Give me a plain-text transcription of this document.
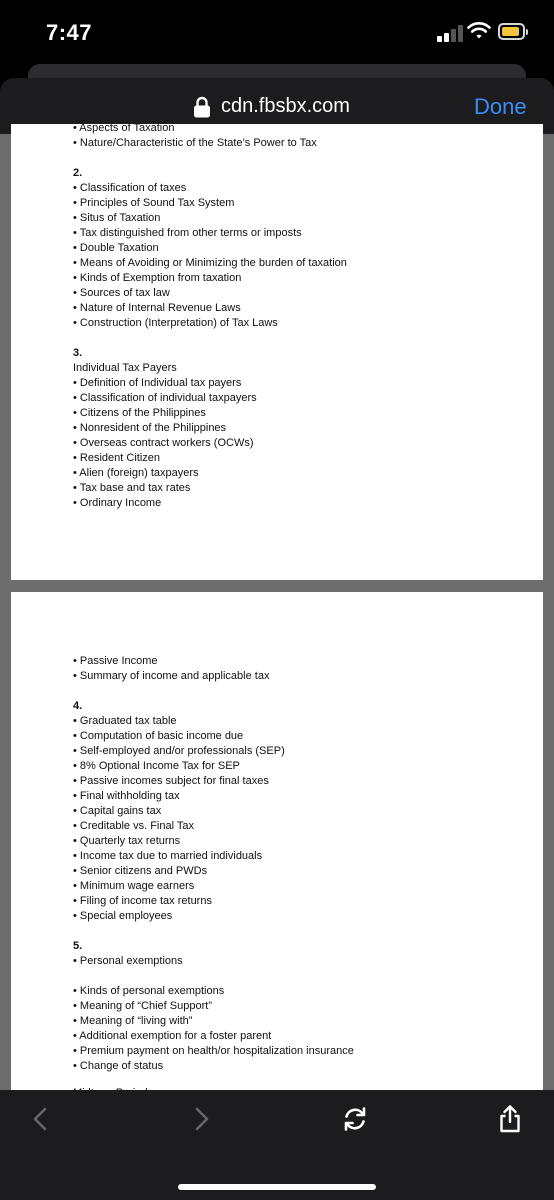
7:47
cdn.fbsbx.com	Done

• Aspects of Taxation

• Nature/Characteristic of the State’s Power to Tax

2.

• Classification of taxes

• Principles of Sound Tax System

• Situs of Taxation

• Tax distinguished from other terms or imposts

• Double Taxation

• Means of Avoiding or Minimizing the burden of taxation

• Kinds of Exemption from taxation

• Sources of tax law

• Nature of Internal Revenue Laws

• Construction (Interpretation) of Tax Laws

3.

Individual Tax Payers

• Definition of Individual tax payers

• Classification of individual taxpayers

• Citizens of the Philippines

• Nonresident of the Philippines

• Overseas contract workers (OCWs)

• Resident Citizen

• Alien (foreign) taxpayers

• Tax base and tax rates

• Ordinary Income

• Passive Income

• Summary of income and applicable tax

4.

• Graduated tax table

• Computation of basic income due

• Self-employed and/or professionals (SEP)

• 8% Optional Income Tax for SEP

• Passive incomes subject for final taxes

• Final withholding tax

• Capital gains tax

• Creditable vs. Final Tax

• Quarterly tax returns

• Income tax due to married individuals

• Senior citizens and PWDs

• Minimum wage earners

• Filing of income tax returns

• Special employees

5.

• Personal exemptions

• Kinds of personal exemptions

• Meaning of “Chief Support”

• Meaning of “living with”

• Additional exemption for a foster parent

• Premium payment on health/or hospitalization insurance

• Change of status
